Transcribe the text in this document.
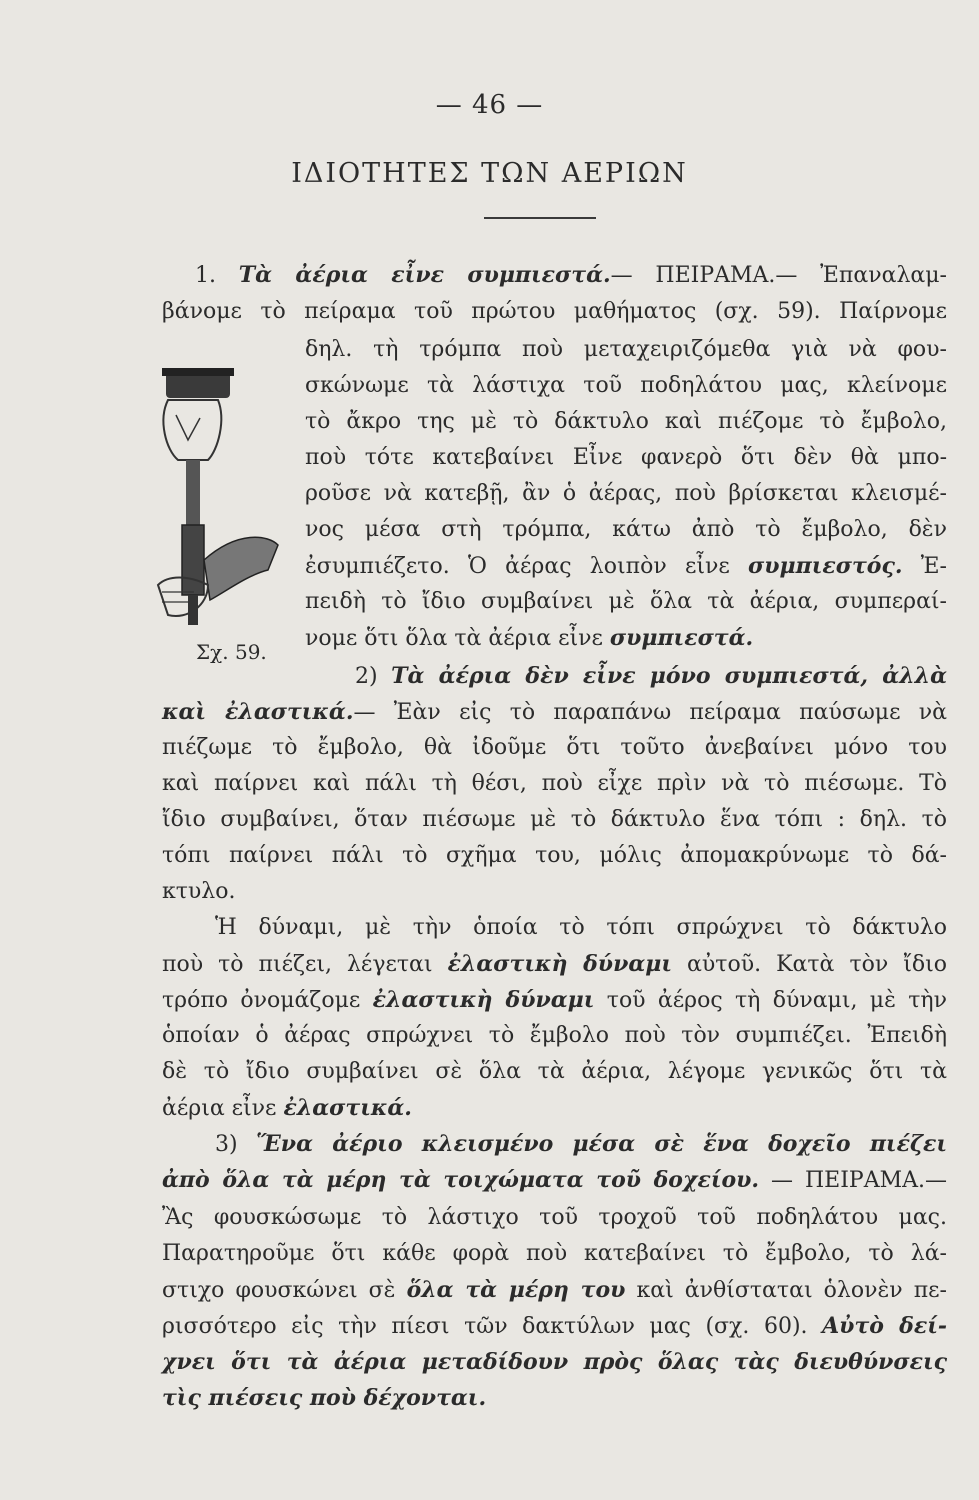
— 46 —
ΙΔΙΟΤΗΤΕΣ ΤΩΝ ΑΕΡΙΩΝ
Σχ. 59.
1. Τὰ ἀέρια εἶνε συμπιεστά.— ΠΕΙΡΑΜΑ.— Ἐπαναλαμ-
βάνομε τὸ πείραμα τοῦ πρώτου μαθήματος (σχ. 59). Παίρνομε
δηλ. τὴ τρόμπα ποὺ μεταχειριζόμεθα γιὰ νὰ φου-
σκώνωμε τὰ λάστιχα τοῦ ποδηλάτου μας, κλείνομε
τὸ ἄκρο της μὲ τὸ δάκτυλο καὶ πιέζομε τὸ ἔμβολο,
ποὺ τότε κατεβαίνει Εἶνε φανερὸ ὅτι δὲν θὰ μπο-
ροῦσε νὰ κατεβῇ, ἂν ὁ ἀέρας, ποὺ βρίσκεται κλεισμέ-
νος μέσα στὴ τρόμπα, κάτω ἀπὸ τὸ ἔμβολο, δὲν
ἐσυμπιέζετο. Ὁ ἀέρας λοιπὸν εἶνε συμπιεστός. Ἐ-
πειδὴ τὸ ἴδιο συμβαίνει μὲ ὅλα τὰ ἀέρια, συμπεραί-
νομε ὅτι ὅλα τὰ ἀέρια εἶνε συμπιεστά.
2) Τὰ ἀέρια δὲν εἶνε μόνο συμπιεστά, ἀλλὰ
καὶ ἐλαστικά.— Ἐὰν εἰς τὸ παραπάνω πείραμα παύσωμε νὰ
πιέζωμε τὸ ἔμβολο, θὰ ἰδοῦμε ὅτι τοῦτο ἀνεβαίνει μόνο του
καὶ παίρνει καὶ πάλι τὴ θέσι, ποὺ εἶχε πρὶν νὰ τὸ πιέσωμε. Τὸ
ἴδιο συμβαίνει, ὅταν πιέσωμε μὲ τὸ δάκτυλο ἕνα τόπι : δηλ. τὸ
τόπι παίρνει πάλι τὸ σχῆμα του, μόλις ἀπομακρύνωμε τὸ δά-
κτυλο.
Ἡ δύναμι, μὲ τὴν ὁποία τὸ τόπι σπρώχνει τὸ δάκτυλο
ποὺ τὸ πιέζει, λέγεται ἐλαστικὴ δύναμι αὐτοῦ. Κατὰ τὸν ἴδιο
τρόπο ὀνομάζομε ἐλαστικὴ δύναμι τοῦ ἀέρος τὴ δύναμι, μὲ τὴν
ὁποίαν ὁ ἀέρας σπρώχνει τὸ ἔμβολο ποὺ τὸν συμπιέζει. Ἐπειδὴ
δὲ τὸ ἴδιο συμβαίνει σὲ ὅλα τὰ ἀέρια, λέγομε γενικῶς ὅτι τὰ
ἀέρια εἶνε ἐλαστικά.
3) Ἕνα ἀέριο κλεισμένο μέσα σὲ ἕνα δοχεῖο πιέζει
ἀπὸ ὅλα τὰ μέρη τὰ τοιχώματα τοῦ δοχείου. — ΠΕΙΡΑΜΑ.—
Ἂς φουσκώσωμε τὸ λάστιχο τοῦ τροχοῦ τοῦ ποδηλάτου μας.
Παρατηροῦμε ὅτι κάθε φορὰ ποὺ κατεβαίνει τὸ ἔμβολο, τὸ λά-
στιχο φουσκώνει σὲ ὅλα τὰ μέρη του καὶ ἀνθίσταται ὁλονὲν πε-
ρισσότερο εἰς τὴν πίεσι τῶν δακτύλων μας (σχ. 60). Αὐτὸ δεί-
χνει ὅτι τὰ ἀέρια μεταδίδουν πρὸς ὅλας τὰς διευθύνσεις
τὶς πιέσεις ποὺ δέχονται.
